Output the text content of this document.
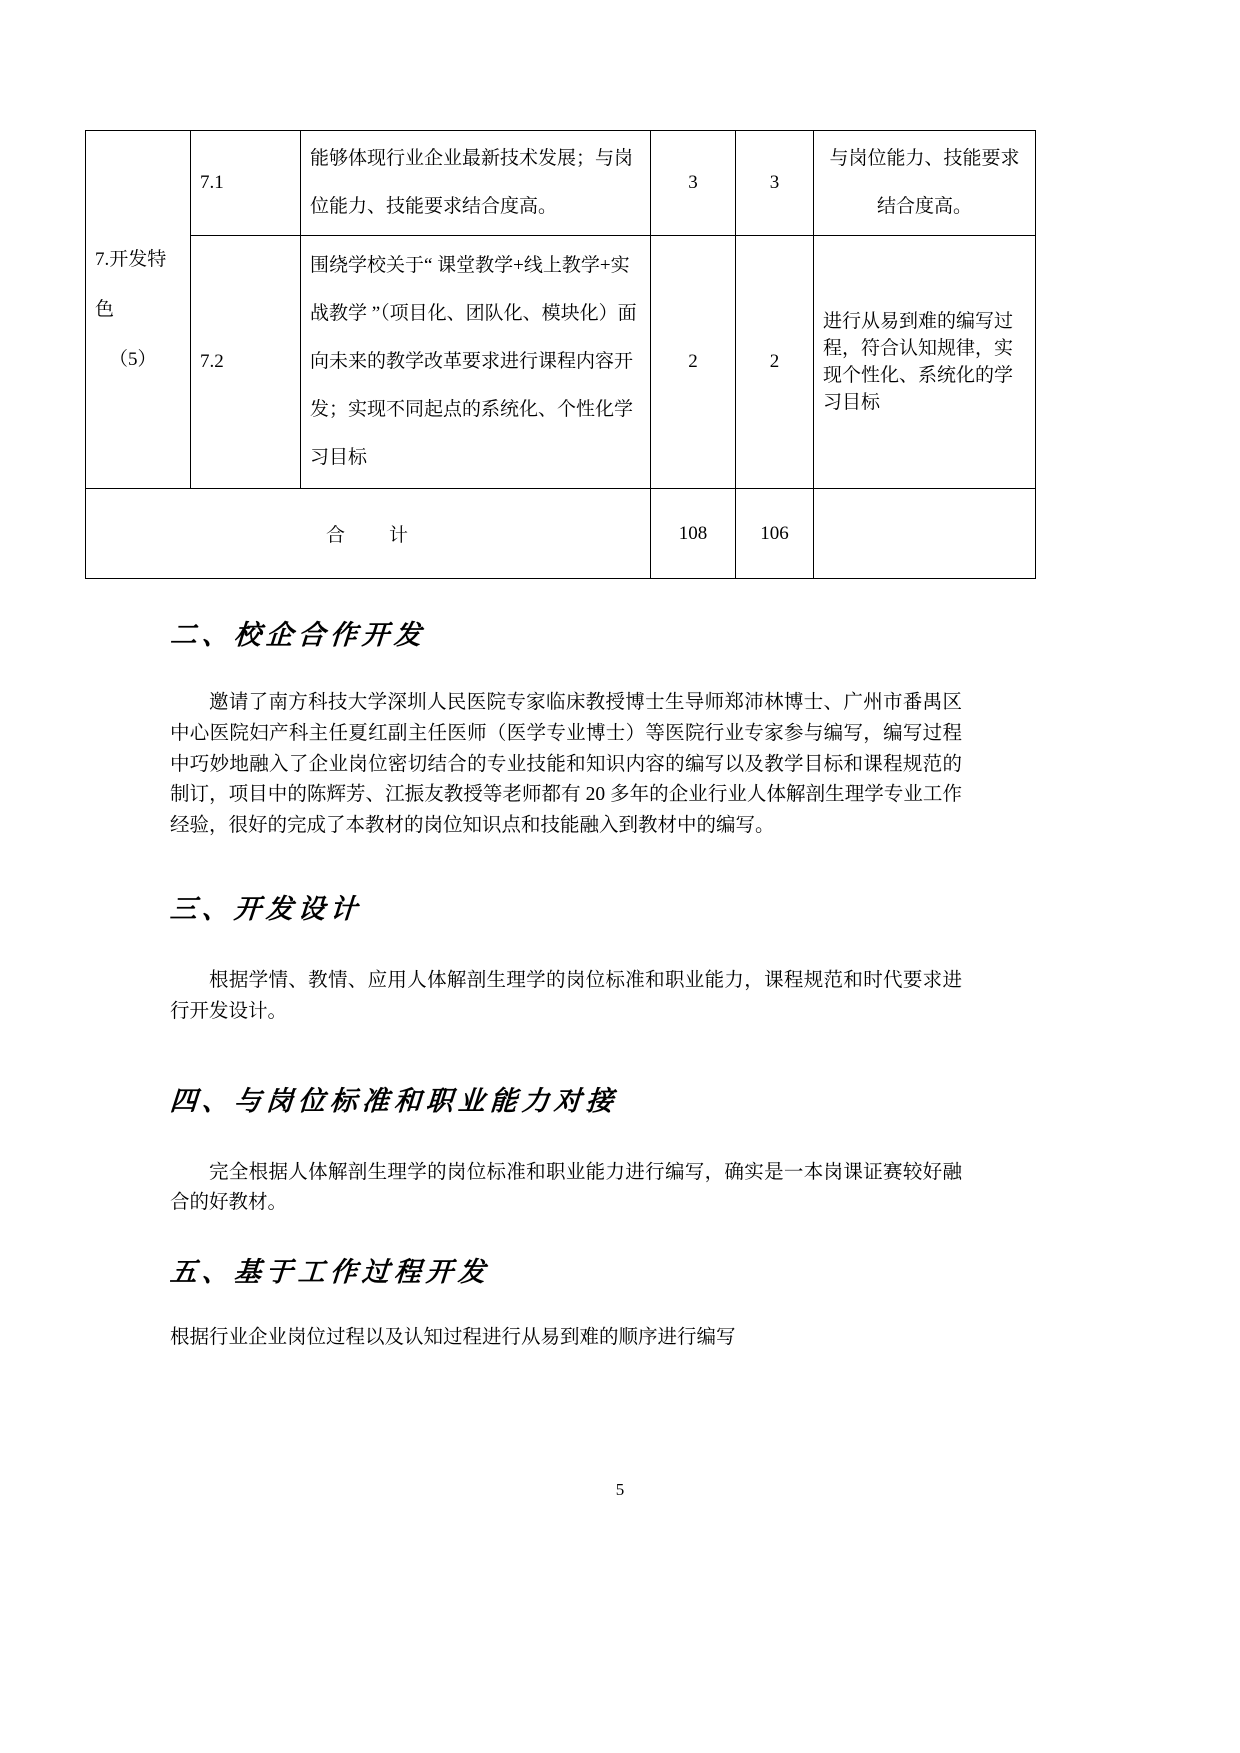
7.开发特色
（5）	7.1	能够体现行业企业最新技术发展；与岗位能力、技能要求结合度高。	3	3	与岗位能力、技能要求结合度高。
	7.2	围绕学校关于“ 课堂教学+线上教学+实战教学 ”（项目化、团队化、模块化）面向未来的教学改革要求进行课程内容开发；实现不同起点的系统化、个性化学习目标	2	2	进行从易到难的编写过程，符合认知规律，实现个性化、系统化的学习目标
合　　计			108	106	
二、校企合作开发

邀请了南方科技大学深圳人民医院专家临床教授博士生导师郑沛林博士、广州市番禺区中心医院妇产科主任夏红副主任医师（医学专业博士）等医院行业专家参与编写，编写过程中巧妙地融入了企业岗位密切结合的专业技能和知识内容的编写以及教学目标和课程规范的制订，项目中的陈辉芳、江振友教授等老师都有 20 多年的企业行业人体解剖生理学专业工作经验，很好的完成了本教材的岗位知识点和技能融入到教材中的编写。

三、开发设计

根据学情、教情、应用人体解剖生理学的岗位标准和职业能力，课程规范和时代要求进行开发设计。

四、与岗位标准和职业能力对接

完全根据人体解剖生理学的岗位标准和职业能力进行编写，确实是一本岗课证赛较好融合的好教材。

五、基于工作过程开发

根据行业企业岗位过程以及认知过程进行从易到难的顺序进行编写

5
